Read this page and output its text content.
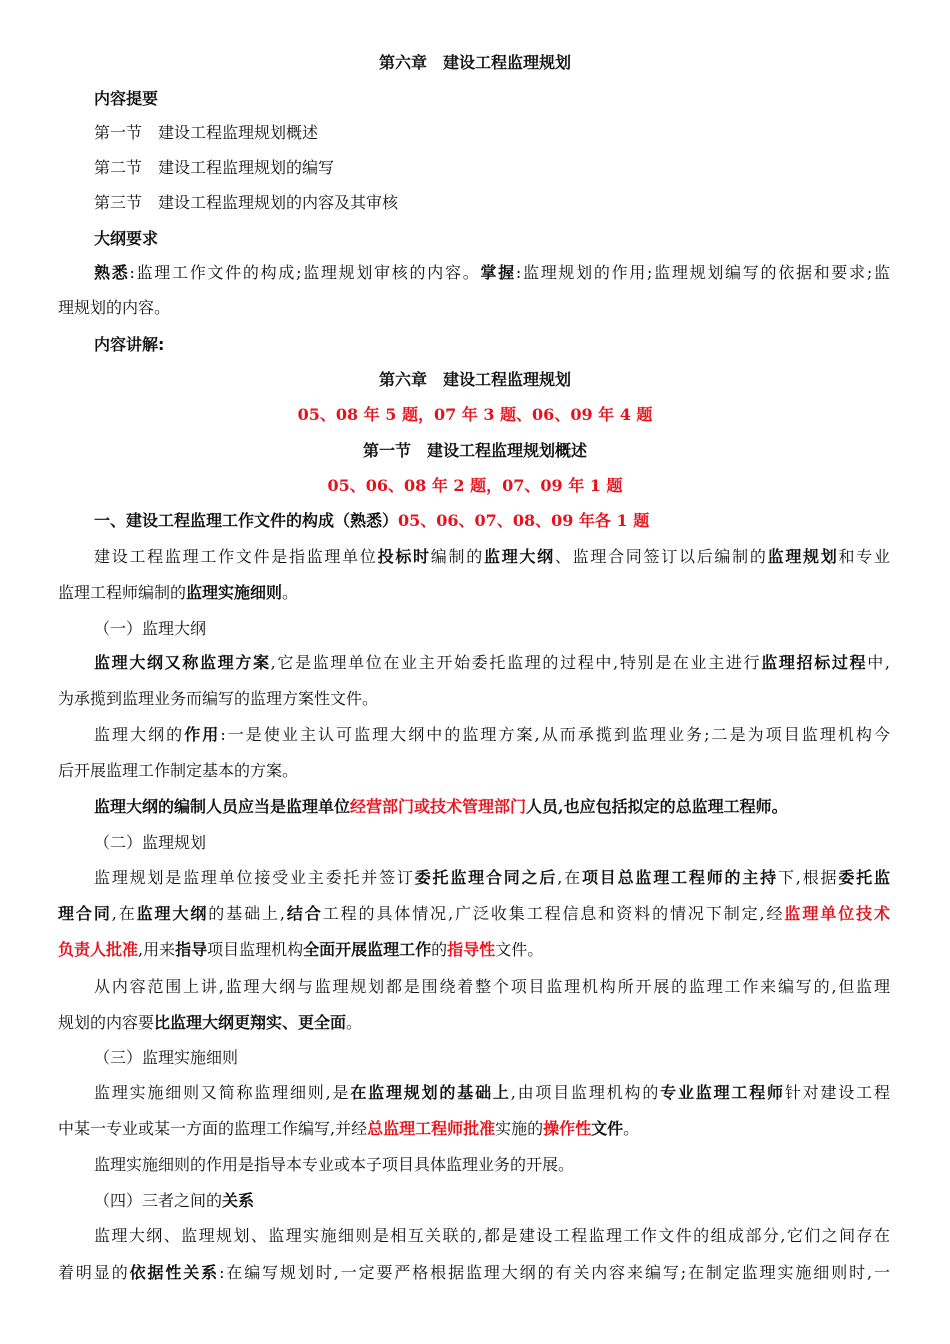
第六章　建设工程监理规划
内容提要
第一节　建设工程监理规划概述
第二节　建设工程监理规划的编写
第三节　建设工程监理规划的内容及其审核
大纲要求
熟悉:监理工作文件的构成;监理规划审核的内容。掌握:监理规划的作用;监理规划编写的依据和要求;监
理规划的内容。
内容讲解:
第六章　建设工程监理规划
05、08 年 5 题，07 年 3 题、06、09 年 4 题
第一节　建设工程监理规划概述
05、06、08 年 2 题，07、09 年 1 题
一、建设工程监理工作文件的构成（熟悉）05、06、07、08、09 年各 1 题
建设工程监理工作文件是指监理单位投标时编制的监理大纲、监理合同签订以后编制的监理规划和专业
监理工程师编制的监理实施细则。
（一）监理大纲
监理大纲又称监理方案,它是监理单位在业主开始委托监理的过程中,特别是在业主进行监理招标过程中,
为承揽到监理业务而编写的监理方案性文件。
监理大纲的作用:一是使业主认可监理大纲中的监理方案,从而承揽到监理业务;二是为项目监理机构今
后开展监理工作制定基本的方案。
监理大纲的编制人员应当是监理单位经营部门或技术管理部门人员,也应包括拟定的总监理工程师。
（二）监理规划
监理规划是监理单位接受业主委托并签订委托监理合同之后,在项目总监理工程师的主持下,根据委托监
理合同,在监理大纲的基础上,结合工程的具体情况,广泛收集工程信息和资料的情况下制定,经监理单位技术
负责人批准,用来指导项目监理机构全面开展监理工作的指导性文件。
从内容范围上讲,监理大纲与监理规划都是围绕着整个项目监理机构所开展的监理工作来编写的,但监理
规划的内容要比监理大纲更翔实、更全面。
（三）监理实施细则
监理实施细则又简称监理细则,是在监理规划的基础上,由项目监理机构的专业监理工程师针对建设工程
中某一专业或某一方面的监理工作编写,并经总监理工程师批准实施的操作性文件。
监理实施细则的作用是指导本专业或本子项目具体监理业务的开展。
（四）三者之间的关系
监理大纲、监理规划、监理实施细则是相互关联的,都是建设工程监理工作文件的组成部分,它们之间存在
着明显的依据性关系:在编写规划时,一定要严格根据监理大纲的有关内容来编写;在制定监理实施细则时,一
